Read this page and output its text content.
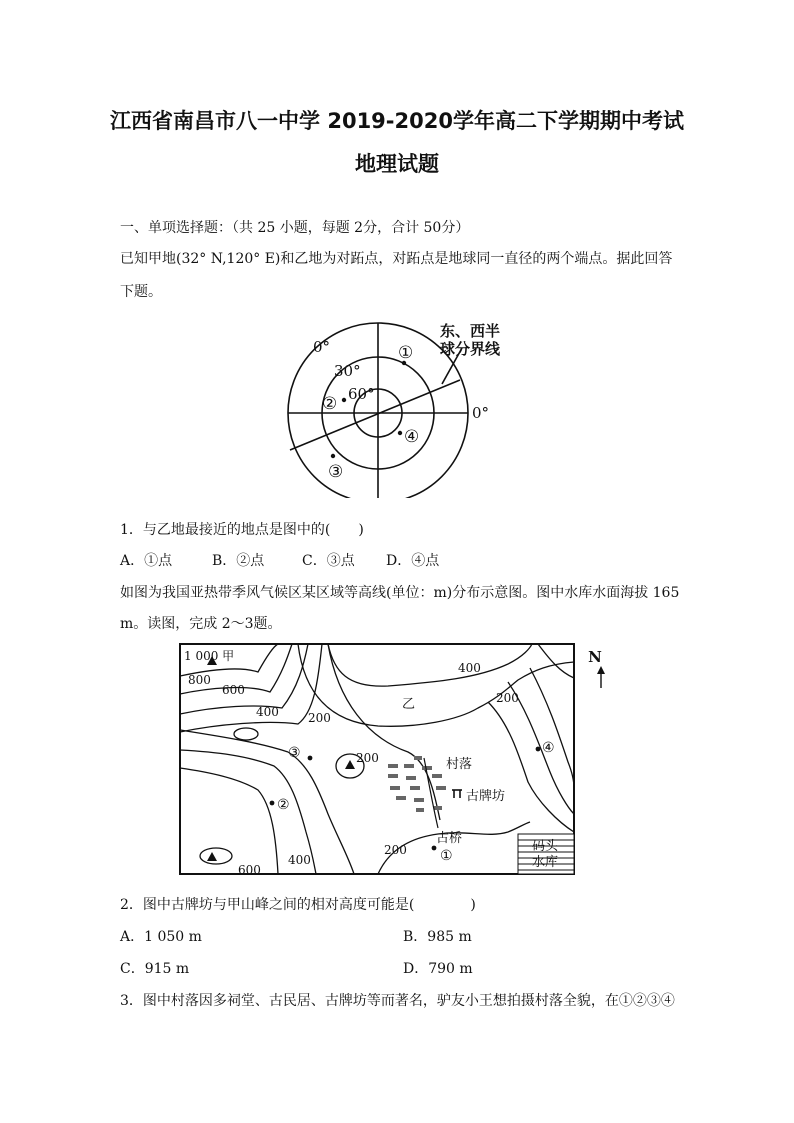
江西省南昌市八一中学 2019-2020学年高二下学期期中考试
地理试题
一、单项选择题：（共 25 小题，每题 2分，合计 50分）
已知甲地(32° N,120° E)和乙地为对跖点，对跖点是地球同一直径的两个端点。据此回答
下题。
0°
30°
60°
0°
东、西半
球分界线
①
②
③
④
1．与乙地最接近的地点是图中的(　　)
A．①点	B．②点	C．③点 D．④点
如图为我国亚热带季风气候区某区域等高线(单位：m)分布示意图。图中水库水面海拔 165
m。读图，完成 2～3题。
1 000 甲
800
600
400 200
400
200
200
200
400
600
乙
村落
古牌坊
古桥
码头
水库
①
②
③	④
N
2．图中古牌坊与甲山峰之间的相对高度可能是(　　　　)
A．1 050 m	B．985 m
C．915 m	D．790 m
3．图中村落因多祠堂、古民居、古牌坊等而著名，驴友小王想拍摄村落全貌，在①②③④
